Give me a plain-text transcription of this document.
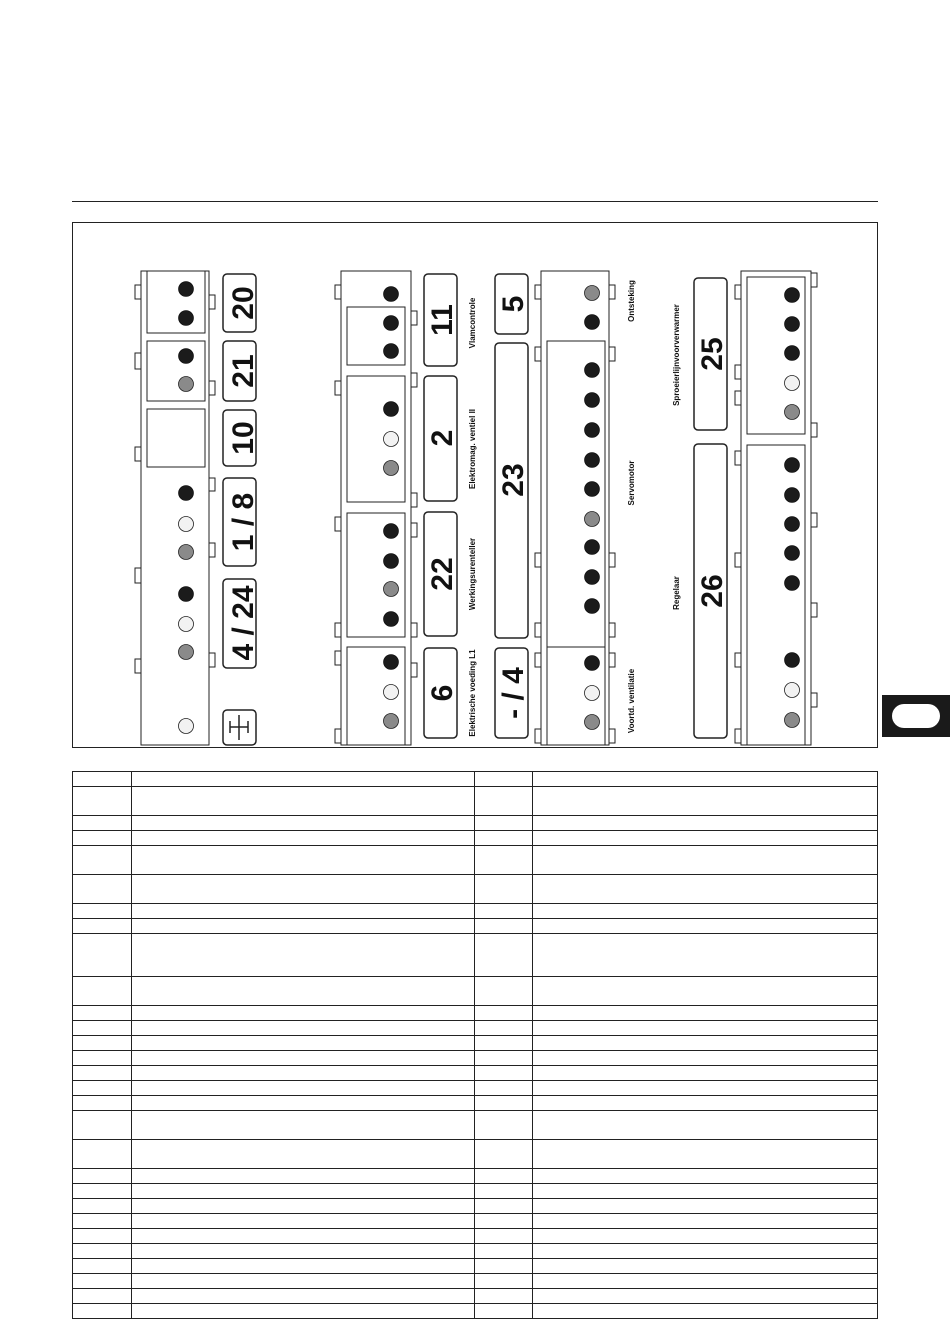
20
21
10
1 / 8
4 / 24
11
2
22
6
Vlamcontrole
Elektromag. ventiel II
Werkingsurenteller
Elektrische voeding L1
5
23
- / 4
Ontsteking
Servomotor
Voortd. ventilatie
Sproeierlijnvoorverwarmer 25
Regelaar 26
